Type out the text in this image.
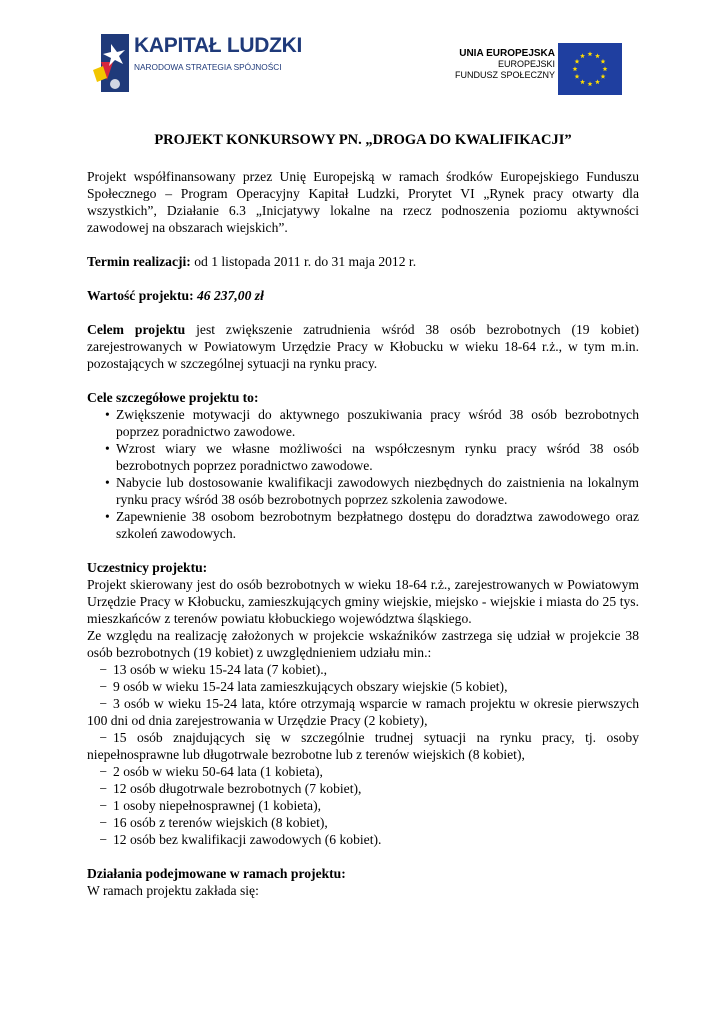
KAPITAŁ LUDZKI
NARODOWA STRATEGIA SPÓJNOŚCI
UNIA EUROPEJSKA
EUROPEJSKI
FUNDUSZ SPOŁECZNY
PROJEKT KONKURSOWY PN. „DROGA DO KWALIFIKACJI”

Projekt współfinansowany przez Unię Europejską w ramach środków Europejskiego Funduszu Społecznego – Program Operacyjny Kapitał Ludzki, Prorytet VI „Rynek pracy otwarty dla wszystkich”, Działanie 6.3 „Inicjatywy lokalne na rzecz podnoszenia poziomu aktywności zawodowej na obszarach wiejskich”.

Termin realizacji: od 1 listopada 2011 r. do 31 maja 2012 r.

Wartość projektu: 46 237,00 zł

Celem projektu jest zwiększenie zatrudnienia wśród 38 osób bezrobotnych (19 kobiet) zarejestrowanych w Powiatowym Urzędzie Pracy w Kłobucku w wieku 18-64 r.ż., w tym m.in. pozostających w szczególnej sytuacji na rynku pracy.

Cele szczegółowe projektu to:

• Zwiększenie motywacji do aktywnego poszukiwania pracy wśród 38 osób bezrobotnych poprzez poradnictwo zawodowe.
• Wzrost wiary we własne możliwości na współczesnym rynku pracy wśród 38 osób bezrobotnych poprzez poradnictwo zawodowe.
• Nabycie lub dostosowanie kwalifikacji zawodowych niezbędnych do zaistnienia na lokalnym rynku pracy wśród 38 osób bezrobotnych poprzez szkolenia zawodowe.
• Zapewnienie 38 osobom bezrobotnym bezpłatnego dostępu do doradztwa zawodowego oraz szkoleń zawodowych.

Uczestnicy projektu:

Projekt skierowany jest do osób bezrobotnych w wieku 18-64 r.ż., zarejestrowanych w Powiatowym Urzędzie Pracy w Kłobucku, zamieszkujących gminy wiejskie, miejsko - wiejskie i miasta do 25 tys. mieszkańców z terenów powiatu kłobuckiego województwa śląskiego.

Ze względu na realizację założonych w projekcie wskaźników zastrzega się udział w projekcie 38 osób bezrobotnych (19 kobiet) z uwzględnieniem udziału min.:

− 13 osób w wieku 15-24 lata (7 kobiet).,
− 9 osób w wieku 15-24 lata zamieszkujących obszary wiejskie (5 kobiet),
− 3 osób w wieku 15-24 lata, które otrzymają wsparcie w ramach projektu w okresie pierwszych 100 dni od dnia zarejestrowania w Urzędzie Pracy (2 kobiety),
− 15 osób znajdujących się w szczególnie trudnej sytuacji na rynku pracy, tj. osoby niepełnosprawne lub długotrwale bezrobotne lub z terenów wiejskich (8 kobiet),
− 2 osób w wieku 50-64 lata (1 kobieta),
− 12 osób długotrwale bezrobotnych (7 kobiet),
− 1 osoby niepełnosprawnej (1 kobieta),
− 16 osób z terenów wiejskich (8 kobiet),
− 12 osób bez kwalifikacji zawodowych (6 kobiet).

Działania podejmowane w ramach projektu:

W ramach projektu zakłada się:
